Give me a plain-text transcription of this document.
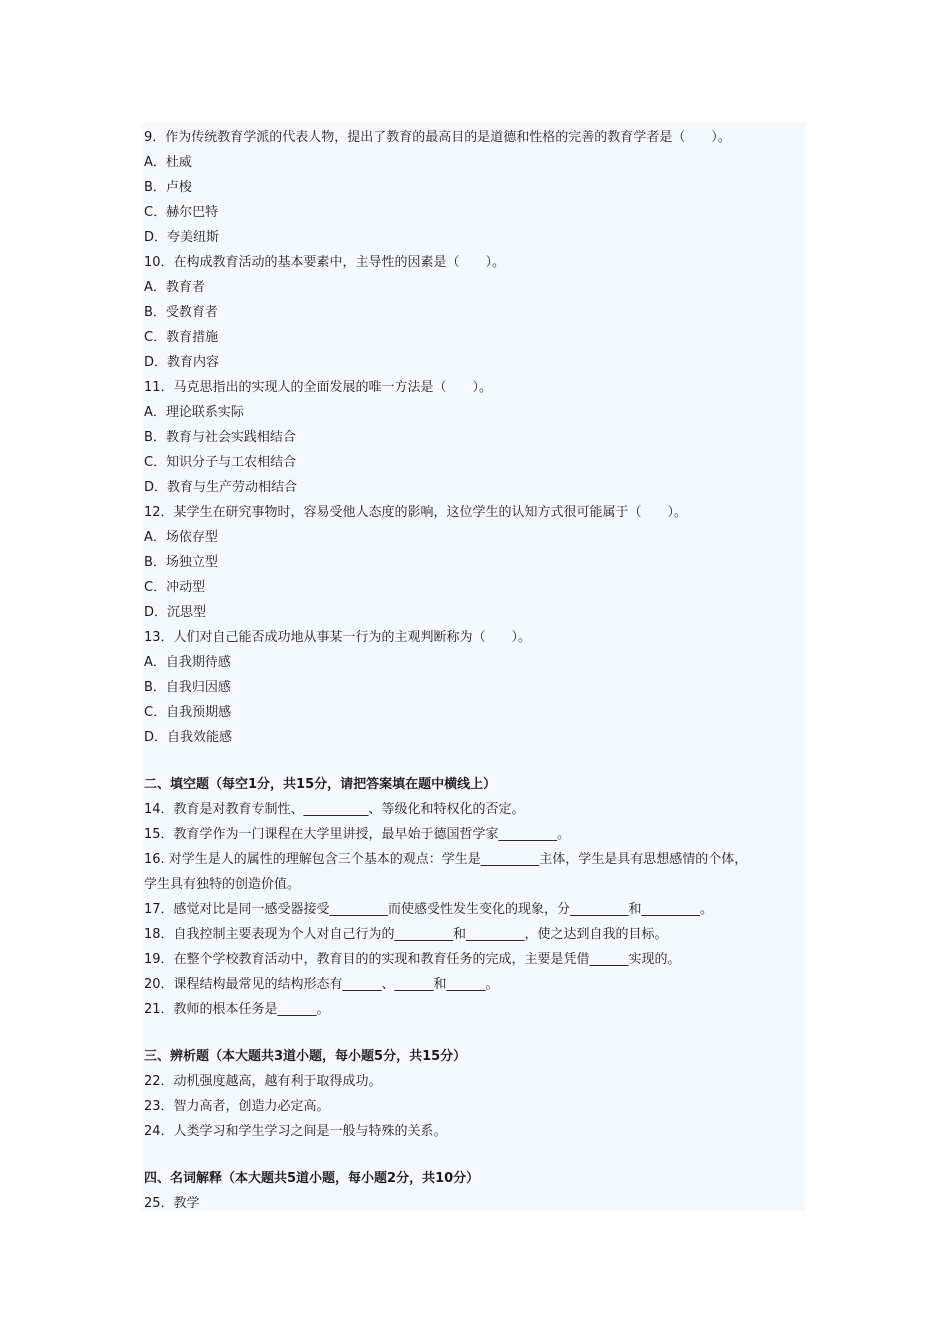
9．作为传统教育学派的代表人物，提出了教育的最高目的是道德和性格的完善的教育学者是（　　）。
A．杜威
B．卢梭
C．赫尔巴特
D．夸美纽斯
10．在构成教育活动的基本要素中，主导性的因素是（　　）。
A．教育者
B．受教育者
C．教育措施
D．教育内容
11．马克思指出的实现人的全面发展的唯一方法是（　　）。
A．理论联系实际
B．教育与社会实践相结合
C．知识分子与工农相结合
D．教育与生产劳动相结合
12．某学生在研究事物时，容易受他人态度的影响，这位学生的认知方式很可能属于（　　）。
A．场依存型
B．场独立型
C．冲动型
D．沉思型
13．人们对自己能否成功地从事某一行为的主观判断称为（　　）。
A．自我期待感
B．自我归因感
C．自我预期感
D．自我效能感
二、填空题（每空1分，共15分，请把答案填在题中横线上）
14．教育是对教育专制性、__________、等级化和特权化的否定。
15．教育学作为一门课程在大学里讲授，最早始于德国哲学家_________。
16. 对学生是人的属性的理解包含三个基本的观点：学生是_________主体，学生是具有思想感情的个体，
学生具有独特的创造价值。
17．感觉对比是同一感受器接受_________而使感受性发生变化的现象，分_________和_________。
18．自我控制主要表现为个人对自己行为的_________和_________，使之达到自我的目标。
19．在整个学校教育活动中，教育目的的实现和教育任务的完成，主要是凭借______实现的。
20．课程结构最常见的结构形态有______、______和______。
21．教师的根本任务是______。
三、辨析题（本大题共3道小题，每小题5分，共15分）
22．动机强度越高，越有利于取得成功。
23．智力高者，创造力必定高。
24．人类学习和学生学习之间是一般与特殊的关系。
四、名词解释（本大题共5道小题，每小题2分，共10分）
25．教学
